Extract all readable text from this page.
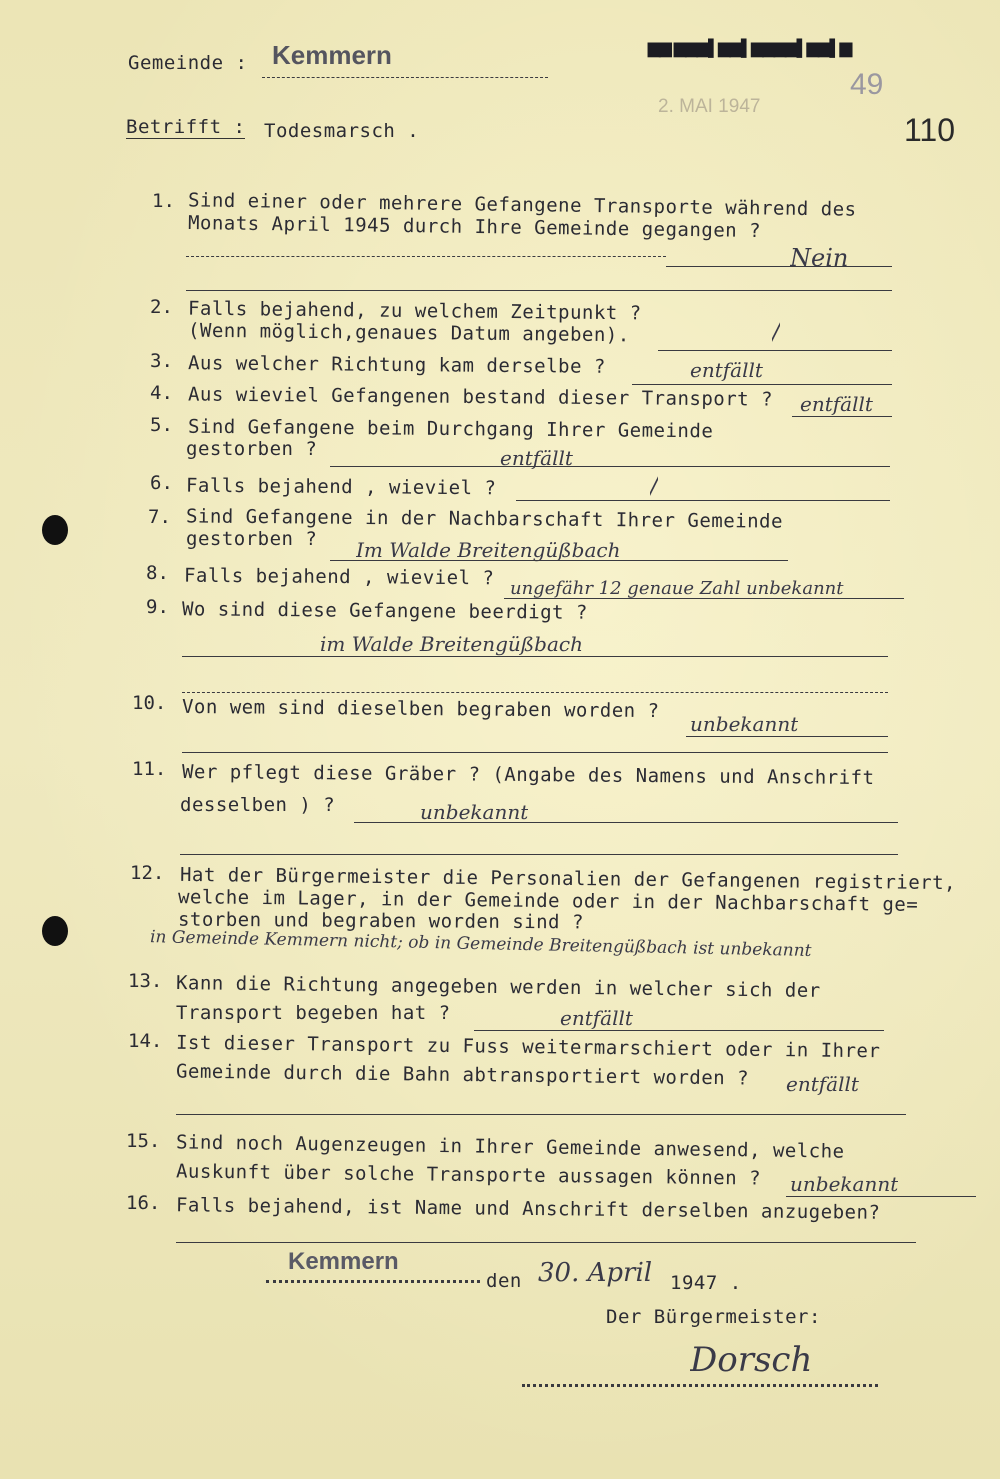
Gemeinde : Kemmern	▆▆ ▆▆▆▌▆▆▌▆▆▆▆▌▆▆▌▆
2. MAI 1947
49
110
Betrifft : Todesmarsch .
1. Sind einer oder mehrere Gefangene Transporte während des
Monats April 1945 durch Ihre Gemeinde gegangen ?
Nein
2. Falls bejahend, zu welchem Zeitpunkt ?
(Wenn möglich,genaues Datum angeben).	/
3. Aus welcher Richtung kam derselbe ?	entfällt
4. Aus wieviel Gefangenen bestand dieser Transport ? entfällt
5. Sind Gefangene beim Durchgang Ihrer Gemeinde
gestorben ?	entfällt
6. Falls bejahend , wieviel ?	/
7. Sind Gefangene in der Nachbarschaft Ihrer Gemeinde
gestorben ? Im Walde Breitengüßbach
8. Falls bejahend , wieviel ? ungefähr 12 genaue Zahl unbekannt
9. Wo sind diese Gefangene beerdigt ?
im Walde Breitengüßbach
10. Von wem sind dieselben begraben worden ?
unbekannt
11. Wer pflegt diese Gräber ? (Angabe des Namens und Anschrift
desselben ) ?	unbekannt
12. Hat der Bürgermeister die Personalien der Gefangenen registriert,
welche im Lager, in der Gemeinde oder in der Nachbarschaft ge=
storben und begraben worden sind ?
in Gemeinde Kemmern nicht; ob in Gemeinde Breitengüßbach ist unbekannt
13. Kann die Richtung angegeben werden in welcher sich der
Transport begeben hat ?	entfällt
14. Ist dieser Transport zu Fuss weitermarschiert oder in Ihrer
Gemeinde durch die Bahn abtransportiert worden ? entfällt
15. Sind noch Augenzeugen in Ihrer Gemeinde anwesend, welche
Auskunft über solche Transporte aussagen können ? unbekannt
16. Falls bejahend, ist Name und Anschrift derselben anzugeben?
Kemmern
den 30. April 1947 .
Der Bürgermeister:
Dorsch
